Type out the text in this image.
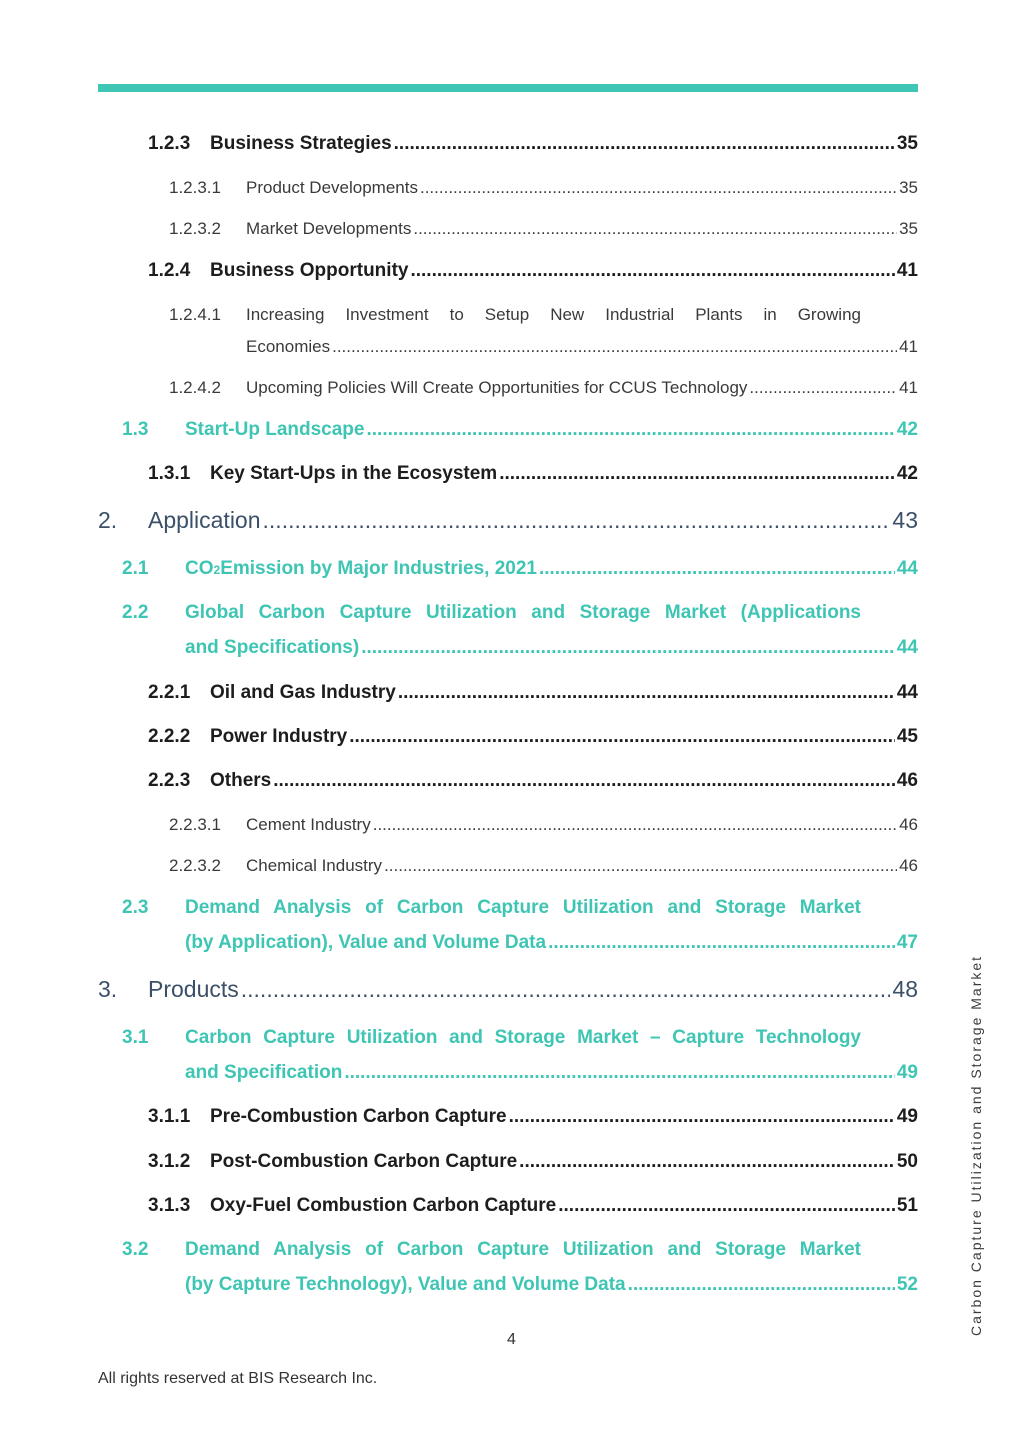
1.2.3 Business Strategies .....	35
1.2.3.1 Product Developments .....	35
1.2.3.2 Market Developments .....	35
1.2.4 Business Opportunity .....	41
1.2.4.1 Increasing Investment to Setup New Industrial Plants in Growing
Economies .....	41
1.2.4.2 Upcoming Policies Will Create Opportunities for CCUS Technology .....	41
1.3 Start-Up Landscape .....	42
1.3.1 Key Start-Ups in the Ecosystem .....	42
2. Application .....	43
2.1 CO 2 Emission by Major Industries, 2021 .....	44
2.2 Global Carbon Capture Utilization and Storage Market (Applications
and Specifications) .....	44
2.2.1 Oil and Gas Industry .....	44
2.2.2 Power Industry .....	45
2.2.3 Others .....	46
2.2.3.1 Cement Industry .....	46
2.2.3.2 Chemical Industry .....	46
2.3 Demand Analysis of Carbon Capture Utilization and Storage Market
(by Application), Value and Volume Data .....	47
3. Products .....	48
3.1 Carbon Capture Utilization and Storage Market – Capture Technology
and Specification .....	49
3.1.1 Pre-Combustion Carbon Capture .....	49
3.1.2 Post-Combustion Carbon Capture .....	50
3.1.3 Oxy-Fuel Combustion Carbon Capture .....	51
3.2 Demand Analysis of Carbon Capture Utilization and Storage Market
(by Capture Technology), Value and Volume Data .....	52
4
All rights reserved at BIS Research Inc.
Carbon Capture Utilization and Storage Market
